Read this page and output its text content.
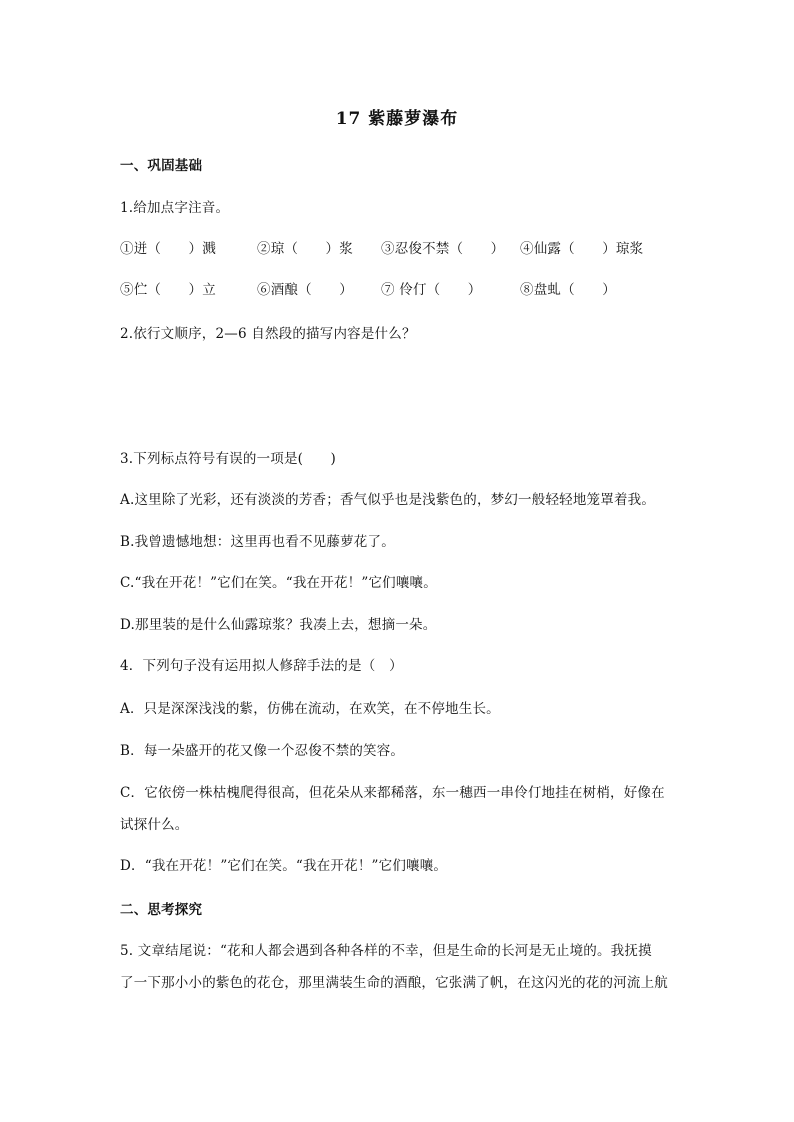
17 紫藤萝瀑布
一、巩固基础
1.给加点字注音。
①迸（　　）溅	②琼（　　）浆 ③忍俊不禁（　　） ④仙露（　　）琼浆
⑤伫（　　）立	⑥酒酿（　　） ⑦ 伶仃（　　）	⑧盘虬（　　）
2.依行文顺序，2—6 自然段的描写内容是什么？
3.下列标点符号有误的一项是(　　)
A.这里除了光彩，还有淡淡的芳香；香气似乎也是浅紫色的，梦幻一般轻轻地笼罩着我。
B.我曾遗憾地想：这里再也看不见藤萝花了。
C.“我在开花！”它们在笑。“我在开花！”它们嚷嚷。
D.那里装的是什么仙露琼浆？我凑上去，想摘一朵。
4．下列句子没有运用拟人修辞手法的是（　）
A．只是深深浅浅的紫，仿佛在流动，在欢笑，在不停地生长。
B．每一朵盛开的花又像一个忍俊不禁的笑容。
C．它依傍一株枯槐爬得很高，但花朵从来都稀落，东一穗西一串伶仃地挂在树梢，好像在
试探什么。
D．“我在开花！”它们在笑。“我在开花！”它们嚷嚷。
二、思考探究
5. 文章结尾说：“花和人都会遇到各种各样的不幸，但是生命的长河是无止境的。我抚摸
了一下那小小的紫色的花仓，那里满装生命的酒酿，它张满了帆，在这闪光的花的河流上航
